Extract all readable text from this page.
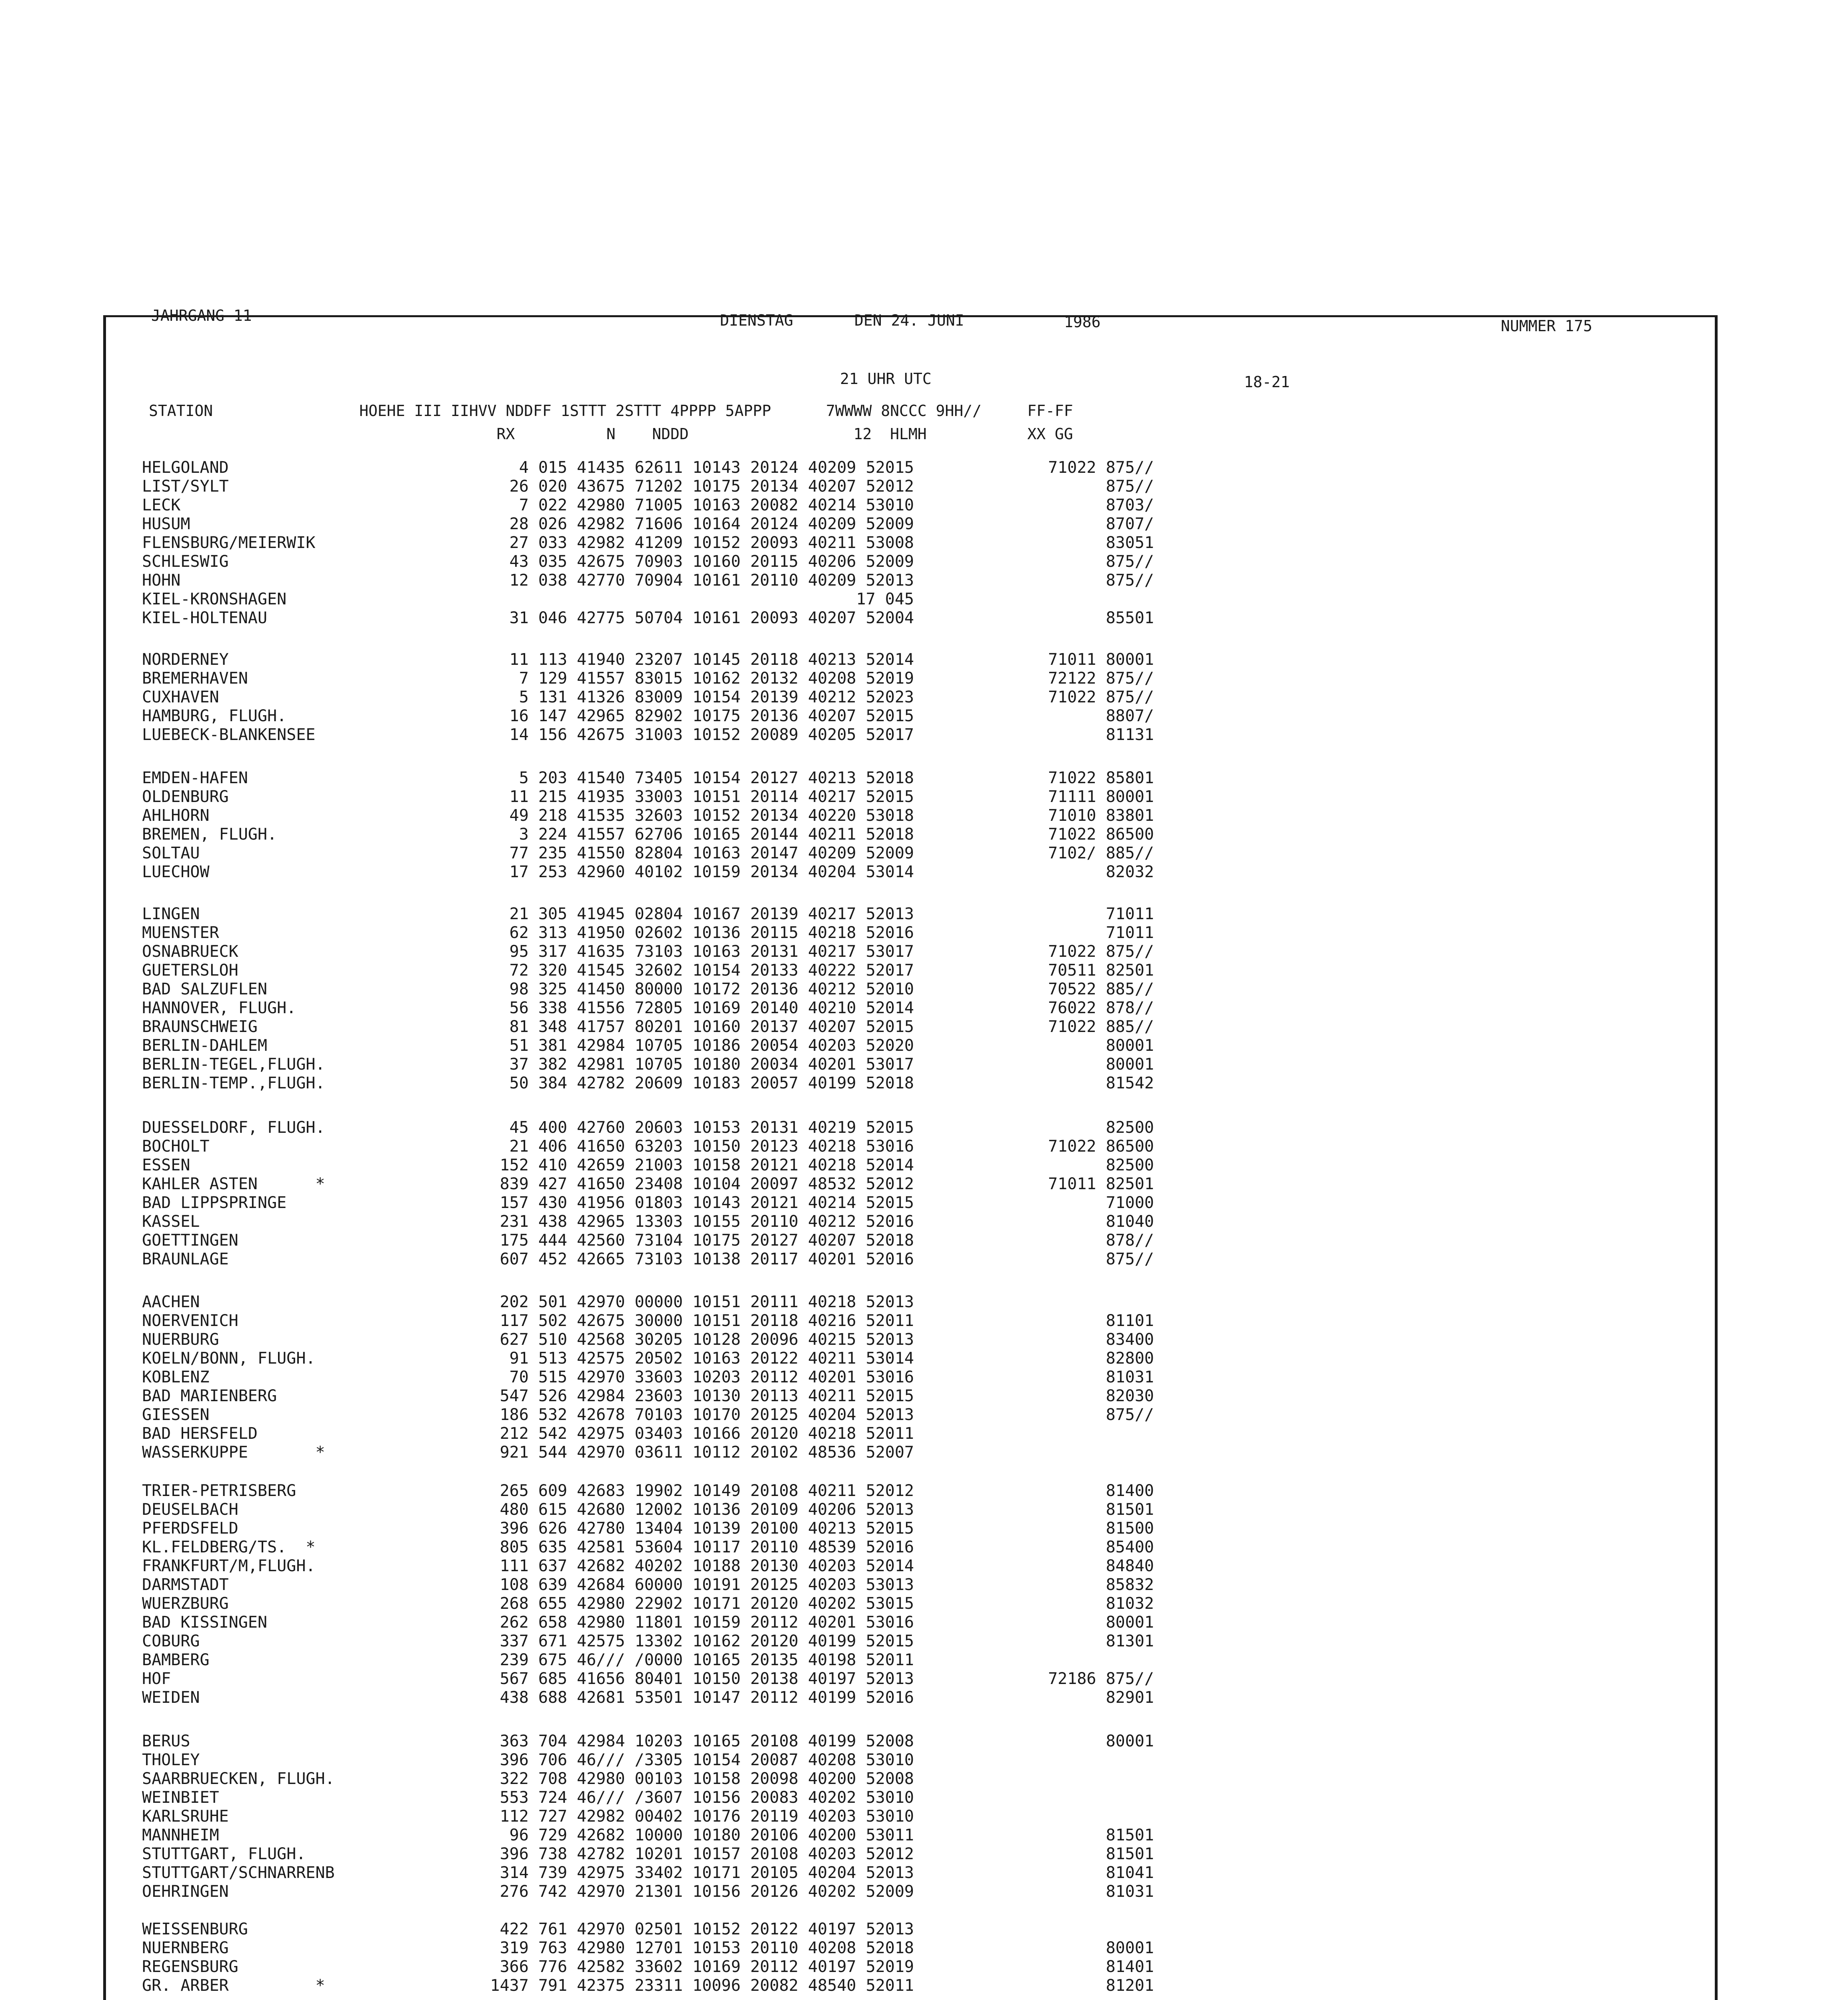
JAHRGANG 11	DIENSTAG	DEN 24. JUNI	1986	NUMMER 175
21 UHR UTC	18-21
STATION                HOEHE III IIHVV NDDFF 1STTT 2STTT 4PPPP 5APPP      7WWWW 8NCCC 9HH//     FF-FF
RX          N    NDDD                  12  HLMH           XX GG
HELGOLAND	4 015 41435 62611 10143 20124 40209 52015	71022 875//
LIST/SYLT	26 020 43675 71202 10175 20134 40207 52012	875//
LECK	7 022 42980 71005 10163 20082 40214 53010	8703/
HUSUM	28 026 42982 71606 10164 20124 40209 52009	8707/
FLENSBURG/MEIERWIK	27 033 42982 41209 10152 20093 40211 53008	83051
SCHLESWIG	43 035 42675 70903 10160 20115 40206 52009	875//
HOHN	12 038 42770 70904 10161 20110 40209 52013	875//
KIEL-KRONSHAGEN	17 045
KIEL-HOLTENAU	31 046 42775 50704 10161 20093 40207 52004	85501
NORDERNEY	11 113 41940 23207 10145 20118 40213 52014	71011 80001
BREMERHAVEN	7 129 41557 83015 10162 20132 40208 52019	72122 875//
CUXHAVEN	5 131 41326 83009 10154 20139 40212 52023	71022 875//
HAMBURG, FLUGH.	16 147 42965 82902 10175 20136 40207 52015	8807/
LUEBECK-BLANKENSEE	14 156 42675 31003 10152 20089 40205 52017	81131
EMDEN-HAFEN	5 203 41540 73405 10154 20127 40213 52018	71022 85801
OLDENBURG	11 215 41935 33003 10151 20114 40217 52015	71111 80001
AHLHORN	49 218 41535 32603 10152 20134 40220 53018	71010 83801
BREMEN, FLUGH.	3 224 41557 62706 10165 20144 40211 52018	71022 86500
SOLTAU	77 235 41550 82804 10163 20147 40209 52009	7102/ 885//
LUECHOW	17 253 42960 40102 10159 20134 40204 53014	82032
LINGEN	21 305 41945 02804 10167 20139 40217 52013	71011
MUENSTER	62 313 41950 02602 10136 20115 40218 52016	71011
OSNABRUECK	95 317 41635 73103 10163 20131 40217 53017	71022 875//
GUETERSLOH	72 320 41545 32602 10154 20133 40222 52017	70511 82501
BAD SALZUFLEN	98 325 41450 80000 10172 20136 40212 52010	70522 885//
HANNOVER, FLUGH.	56 338 41556 72805 10169 20140 40210 52014	76022 878//
BRAUNSCHWEIG	81 348 41757 80201 10160 20137 40207 52015	71022 885//
BERLIN-DAHLEM	51 381 42984 10705 10186 20054 40203 52020	80001
BERLIN-TEGEL,FLUGH.	37 382 42981 10705 10180 20034 40201 53017	80001
BERLIN-TEMP.,FLUGH.	50 384 42782 20609 10183 20057 40199 52018	81542
DUESSELDORF, FLUGH.	45 400 42760 20603 10153 20131 40219 52015	82500
BOCHOLT	21 406 41650 63203 10150 20123 40218 53016	71022 86500
ESSEN	152 410 42659 21003 10158 20121 40218 52014	82500
KAHLER ASTEN      *	839 427 41650 23408 10104 20097 48532 52012	71011 82501
BAD LIPPSPRINGE	157 430 41956 01803 10143 20121 40214 52015	71000
KASSEL	231 438 42965 13303 10155 20110 40212 52016	81040
GOETTINGEN	175 444 42560 73104 10175 20127 40207 52018	878//
BRAUNLAGE	607 452 42665 73103 10138 20117 40201 52016	875//
AACHEN	202 501 42970 00000 10151 20111 40218 52013
NOERVENICH	117 502 42675 30000 10151 20118 40216 52011	81101
NUERBURG	627 510 42568 30205 10128 20096 40215 52013	83400
KOELN/BONN, FLUGH.	91 513 42575 20502 10163 20122 40211 53014	82800
KOBLENZ	70 515 42970 33603 10203 20112 40201 53016	81031
BAD MARIENBERG	547 526 42984 23603 10130 20113 40211 52015	82030
GIESSEN	186 532 42678 70103 10170 20125 40204 52013	875//
BAD HERSFELD	212 542 42975 03403 10166 20120 40218 52011
WASSERKUPPE       *	921 544 42970 03611 10112 20102 48536 52007
TRIER-PETRISBERG	265 609 42683 19902 10149 20108 40211 52012	81400
DEUSELBACH	480 615 42680 12002 10136 20109 40206 52013	81501
PFERDSFELD	396 626 42780 13404 10139 20100 40213 52015	81500
KL.FELDBERG/TS.  *	805 635 42581 53604 10117 20110 48539 52016	85400
FRANKFURT/M,FLUGH.	111 637 42682 40202 10188 20130 40203 52014	84840
DARMSTADT	108 639 42684 60000 10191 20125 40203 53013	85832
WUERZBURG	268 655 42980 22902 10171 20120 40202 53015	81032
BAD KISSINGEN	262 658 42980 11801 10159 20112 40201 53016	80001
COBURG	337 671 42575 13302 10162 20120 40199 52015	81301
BAMBERG	239 675 46/// /0000 10165 20135 40198 52011
HOF	567 685 41656 80401 10150 20138 40197 52013	72186 875//
WEIDEN	438 688 42681 53501 10147 20112 40199 52016	82901
BERUS	363 704 42984 10203 10165 20108 40199 52008	80001
THOLEY	396 706 46/// /3305 10154 20087 40208 53010
SAARBRUECKEN, FLUGH.	322 708 42980 00103 10158 20098 40200 52008
WEINBIET	553 724 46/// /3607 10156 20083 40202 53010
KARLSRUHE	112 727 42982 00402 10176 20119 40203 53010
MANNHEIM	96 729 42682 10000 10180 20106 40200 53011	81501
STUTTGART, FLUGH.	396 738 42782 10201 10157 20108 40203 52012	81501
STUTTGART/SCHNARRENB	314 739 42975 33402 10171 20105 40204 52013	81041
OEHRINGEN	276 742 42970 21301 10156 20126 40202 52009	81031
WEISSENBURG	422 761 42970 02501 10152 20122 40197 52013
NUERNBERG	319 763 42980 12701 10153 20110 40208 52018	80001
REGENSBURG	366 776 42582 33602 10169 20112 40197 52019	81401
GR. ARBER         *	1437 791 42375 23311 10096 20082 48540 52011	81201
